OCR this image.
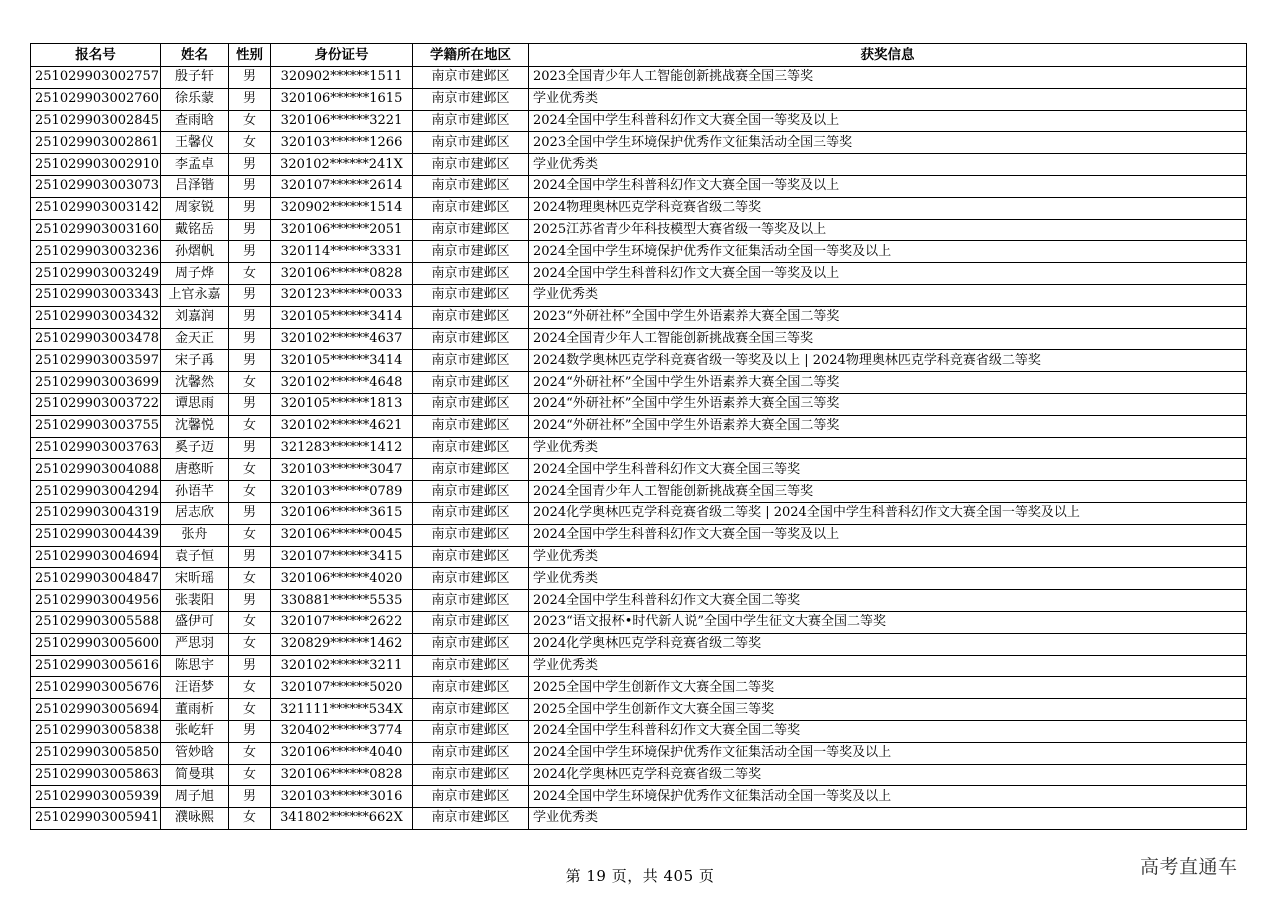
报名号	姓名	性别	身份证号	学籍所在地区	获奖信息
251029903002757	殷子轩	男	320902******1511	南京市建邺区	2023全国青少年人工智能创新挑战赛全国三等奖
251029903002760	徐乐蒙	男	320106******1615	南京市建邺区	学业优秀类
251029903002845	查雨晗	女	320106******3221	南京市建邺区	2024全国中学生科普科幻作文大赛全国一等奖及以上
251029903002861	王馨仪	女	320103******1266	南京市建邺区	2023全国中学生环境保护优秀作文征集活动全国三等奖
251029903002910	李孟卓	男	320102******241X	南京市建邺区	学业优秀类
251029903003073	吕泽锴	男	320107******2614	南京市建邺区	2024全国中学生科普科幻作文大赛全国一等奖及以上
251029903003142	周家锐	男	320902******1514	南京市建邺区	2024物理奥林匹克学科竞赛省级二等奖
251029903003160	戴铭岳	男	320106******2051	南京市建邺区	2025江苏省青少年科技模型大赛省级一等奖及以上
251029903003236	孙熠帆	男	320114******3331	南京市建邺区	2024全国中学生环境保护优秀作文征集活动全国一等奖及以上
251029903003249	周子烨	女	320106******0828	南京市建邺区	2024全国中学生科普科幻作文大赛全国一等奖及以上
251029903003343	上官永嘉	男	320123******0033	南京市建邺区	学业优秀类
251029903003432	刘嘉润	男	320105******3414	南京市建邺区	2023“外研社杯”全国中学生外语素养大赛全国二等奖
251029903003478	金天正	男	320102******4637	南京市建邺区	2024全国青少年人工智能创新挑战赛全国三等奖
251029903003597	宋子爯	男	320105******3414	南京市建邺区	2024数学奥林匹克学科竞赛省级一等奖及以上 | 2024物理奥林匹克学科竞赛省级二等奖
251029903003699	沈馨然	女	320102******4648	南京市建邺区	2024“外研社杯”全国中学生外语素养大赛全国二等奖
251029903003722	谭思雨	男	320105******1813	南京市建邺区	2024“外研社杯”全国中学生外语素养大赛全国三等奖
251029903003755	沈馨悦	女	320102******4621	南京市建邺区	2024“外研社杯”全国中学生外语素养大赛全国二等奖
251029903003763	奚子迈	男	321283******1412	南京市建邺区	学业优秀类
251029903004088	唐憨昕	女	320103******3047	南京市建邺区	2024全国中学生科普科幻作文大赛全国三等奖
251029903004294	孙语芊	女	320103******0789	南京市建邺区	2024全国青少年人工智能创新挑战赛全国三等奖
251029903004319	居志欣	男	320106******3615	南京市建邺区	2024化学奥林匹克学科竞赛省级二等奖 | 2024全国中学生科普科幻作文大赛全国一等奖及以上
251029903004439	张舟	女	320106******0045	南京市建邺区	2024全国中学生科普科幻作文大赛全国一等奖及以上
251029903004694	袁子恒	男	320107******3415	南京市建邺区	学业优秀类
251029903004847	宋昕瑶	女	320106******4020	南京市建邺区	学业优秀类
251029903004956	张裴阳	男	330881******5535	南京市建邺区	2024全国中学生科普科幻作文大赛全国二等奖
251029903005588	盛伊可	女	320107******2622	南京市建邺区	2023“语文报杯•时代新人说”全国中学生征文大赛全国二等奖
251029903005600	严思羽	女	320829******1462	南京市建邺区	2024化学奥林匹克学科竞赛省级二等奖
251029903005616	陈思宇	男	320102******3211	南京市建邺区	学业优秀类
251029903005676	汪语梦	女	320107******5020	南京市建邺区	2025全国中学生创新作文大赛全国二等奖
251029903005694	董雨析	女	321111******534X	南京市建邺区	2025全国中学生创新作文大赛全国三等奖
251029903005838	张屹轩	男	320402******3774	南京市建邺区	2024全国中学生科普科幻作文大赛全国二等奖
251029903005850	管妙晗	女	320106******4040	南京市建邺区	2024全国中学生环境保护优秀作文征集活动全国一等奖及以上
251029903005863	简曼琪	女	320106******0828	南京市建邺区	2024化学奥林匹克学科竞赛省级二等奖
251029903005939	周子旭	男	320103******3016	南京市建邺区	2024全国中学生环境保护优秀作文征集活动全国一等奖及以上
251029903005941	濮咏熙	女	341802******662X	南京市建邺区	学业优秀类
第 19 页，共 405 页	高考直通车
